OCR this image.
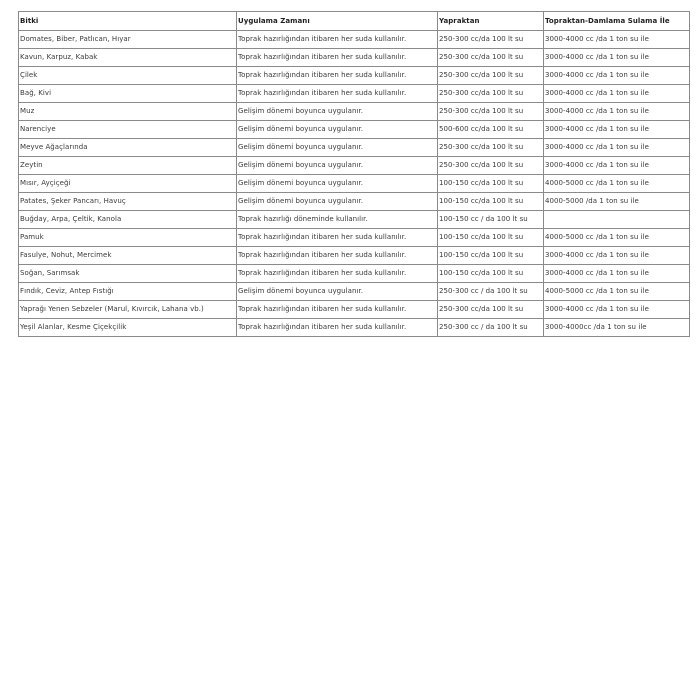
Bitki	Uygulama Zamanı	Yapraktan	Topraktan-Damlama Sulama İle
Domates, Biber, Patlıcan, Hıyar	Toprak hazırlığından itibaren her suda kullanılır.	250-300 cc/da 100 lt su	3000-4000 cc /da 1 ton su ile
Kavun, Karpuz, Kabak	Toprak hazırlığından itibaren her suda kullanılır.	250-300 cc/da 100 lt su	3000-4000 cc /da 1 ton su ile
Çilek	Toprak hazırlığından itibaren her suda kullanılır.	250-300 cc/da 100 lt su	3000-4000 cc /da 1 ton su ile
Bağ, Kivi	Toprak hazırlığından itibaren her suda kullanılır.	250-300 cc/da 100 lt su	3000-4000 cc /da 1 ton su ile
Muz	Gelişim dönemi boyunca uygulanır.	250-300 cc/da 100 lt su	3000-4000 cc /da 1 ton su ile
Narenciye	Gelişim dönemi boyunca uygulanır.	500-600 cc/da 100 lt su	3000-4000 cc /da 1 ton su ile
Meyve Ağaçlarında	Gelişim dönemi boyunca uygulanır.	250-300 cc/da 100 lt su	3000-4000 cc /da 1 ton su ile
Zeytin	Gelişim dönemi boyunca uygulanır.	250-300 cc/da 100 lt su	3000-4000 cc /da 1 ton su ile
Mısır, Ayçiçeği	Gelişim dönemi boyunca uygulanır.	100-150 cc/da 100 lt su	4000-5000 cc /da 1 ton su ile
Patates, Şeker Pancarı, Havuç	Gelişim dönemi boyunca uygulanır.	100-150 cc/da 100 lt su	4000-5000 /da 1 ton su ile
Buğday, Arpa, Çeltik, Kanola	Toprak hazırlığı döneminde kullanılır.	100-150 cc / da 100 lt su	
Pamuk	Toprak hazırlığından itibaren her suda kullanılır.	100-150 cc/da 100 lt su	4000-5000 cc /da 1 ton su ile
Fasulye, Nohut, Mercimek	Toprak hazırlığından itibaren her suda kullanılır.	100-150 cc/da 100 lt su	3000-4000 cc /da 1 ton su ile
Soğan, Sarımsak	Toprak hazırlığından itibaren her suda kullanılır.	100-150 cc/da 100 lt su	3000-4000 cc /da 1 ton su ile
Fındık, Ceviz, Antep Fıstığı	Gelişim dönemi boyunca uygulanır.	250-300 cc / da 100 lt su	4000-5000 cc /da 1 ton su ile
Yaprağı Yenen Sebzeler (Marul, Kıvırcık, Lahana vb.)	Toprak hazırlığından itibaren her suda kullanılır.	250-300 cc/da 100 lt su	3000-4000 cc /da 1 ton su ile
Yeşil Alanlar, Kesme Çiçekçilik	Toprak hazırlığından itibaren her suda kullanılır.	250-300 cc / da 100 lt su	3000-4000cc /da 1 ton su ile
